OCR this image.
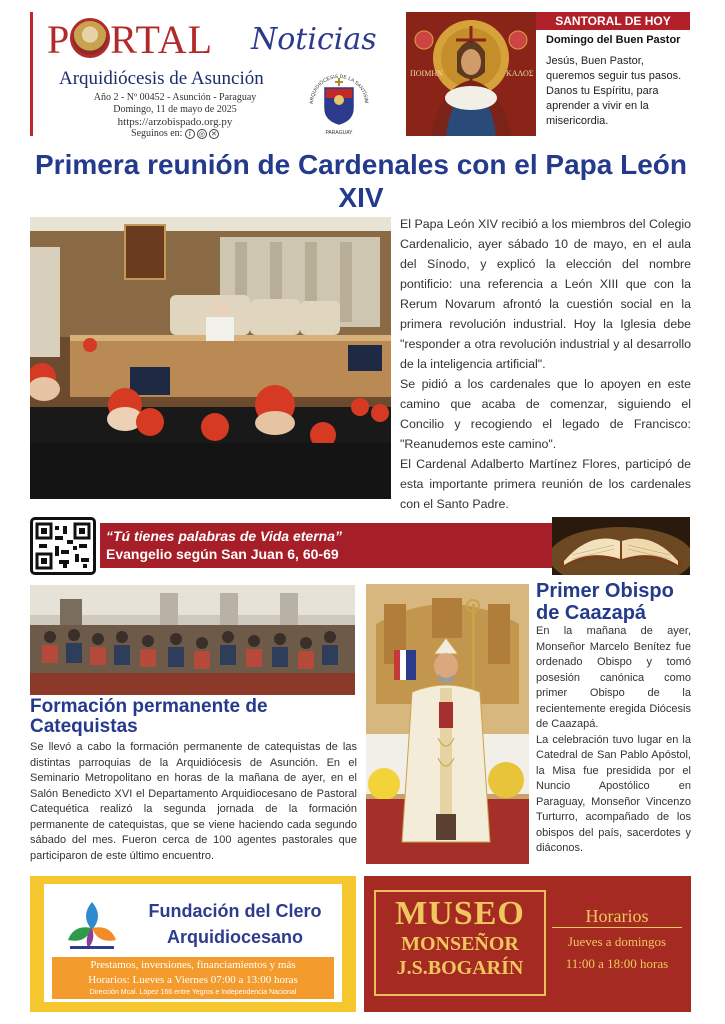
P RTAL Noticias
Arquidiócesis de Asunción
Año 2 - Nº 00452 - Asunción - Paraguay
Domingo, 11 de mayo de 2025
https://arzobispado.org.py
Seguinos en: f	◎ ✕
ARQUIDIÓCESIS DE LA SANTÍSIM
PARAGUAY
ΠΟΙΜΗΝ	ΚΑΛΟΣ
SANTORAL DE HOY
Domingo del Buen Pastor
Jesús, Buen Pastor, queremos seguir tus pasos. Danos tu Espíritu, para aprender a vivir en la misericordia.
Primera reunión de Cardenales con el Papa León XIV

El Papa León XIV recibió a los miembros del Colegio Cardenalicio, ayer sábado 10 de mayo, en el aula del Sínodo, y explicó la elección del nombre pontificio: una referencia a León XIII que con la Rerum Novarum afrontó la cuestión social en la primera revolución industrial. Hoy la Iglesia debe "responder a otra revolución industrial y al desarrollo de la inteligencia artificial".

Se pidió a los cardenales que lo apoyen en este camino que acaba de comenzar, siguiendo el Concilio y recogiendo el legado de Francisco: "Reanudemos este camino".

El Cardenal Adalberto Martínez Flores, participó de esta importante primera reunión de los cardenales con el Santo Padre.

“Tú tienes palabras de Vida eterna”
Evangelio según San Juan 6, 60-69
Formación permanente de Catequistas

Se llevó a cabo la formación permanente de catequistas de las distintas parroquias de la Arquidiócesis de Asunción. En el Seminario Metropolitano en horas de la mañana de ayer, en el Salón Benedicto XVI el Departamento Arquidiocesano de Pastoral Catequética realizó la segunda jornada de la formación permanente de catequistas, que se viene haciendo cada segundo sábado del mes. Fueron cerca de 100 agentes pastorales que participaron de este último encuentro.

Primer Obispo de Caazapá

En la mañana de ayer, Monseñor Marcelo Benítez fue ordenado Obispo y tomó posesión canónica como primer Obispo de la recientemente eregida Diócesis de Caazapá.

La celebración tuvo lugar en la Catedral de San Pablo Apóstol, la Misa fue presidida por el Nuncio Apostólico en Paraguay, Monseñor Vincenzo Turturro, acompañado de los obispos del país, sacerdotes y diáconos.

Fundación del Clero
Arquidiocesano
Prestamos, inversiones, financiamientos y más
Horarios: Lueves a Viernes 07:00 a 13:00 horas
Dirección Mcal. López 166 entre Yegros e Independencia Nacional
MUSEO
MONSEÑOR
J.S.BOGARÍN
Horarios
Jueves a domingos
11:00 a 18:00 horas
